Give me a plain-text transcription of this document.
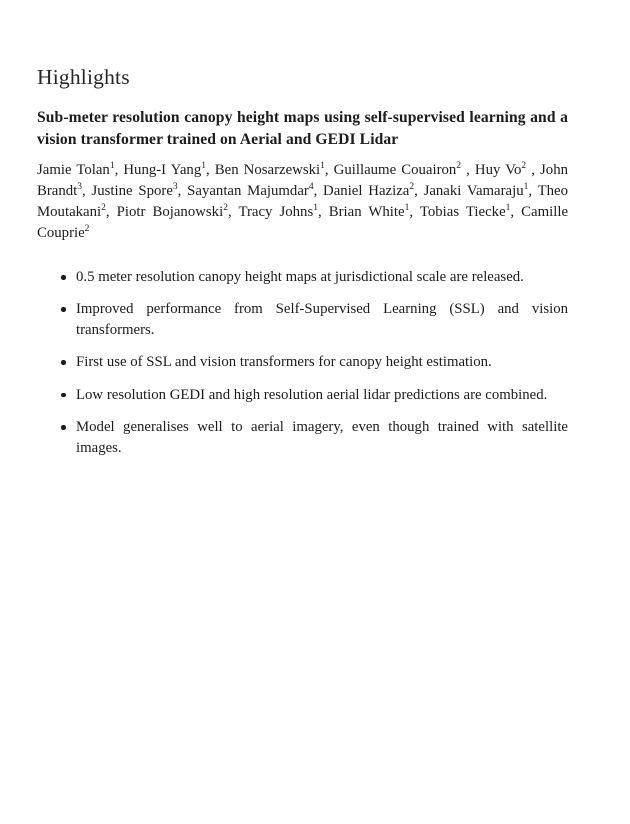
Highlights

Sub-meter resolution canopy height maps using self-supervised learning and a vision transformer trained on Aerial and GEDI Lidar

Jamie Tolan$^1$, Hung-I Yang$^1$, Ben Nosarzewski$^1$, Guillaume Couairon$^2$ , Huy Vo$^2$ , John Brandt$^3$, Justine Spore$^3$, Sayantan Majumdar$^4$, Daniel Haziza$^2$, Janaki Vamaraju$^1$, Theo Moutakani$^2$, Piotr Bojanowski$^2$, Tracy Johns$^1$, Brian White$^1$, Tobias Tiecke$^1$, Camille Couprie$^2$

0.5 meter resolution canopy height maps at jurisdictional scale are released.
Improved performance from Self-Supervised Learning (SSL) and vision transformers.
First use of SSL and vision transformers for canopy height estimation.
Low resolution GEDI and high resolution aerial lidar predictions are combined.
Model generalises well to aerial imagery, even though trained with satellite images.
